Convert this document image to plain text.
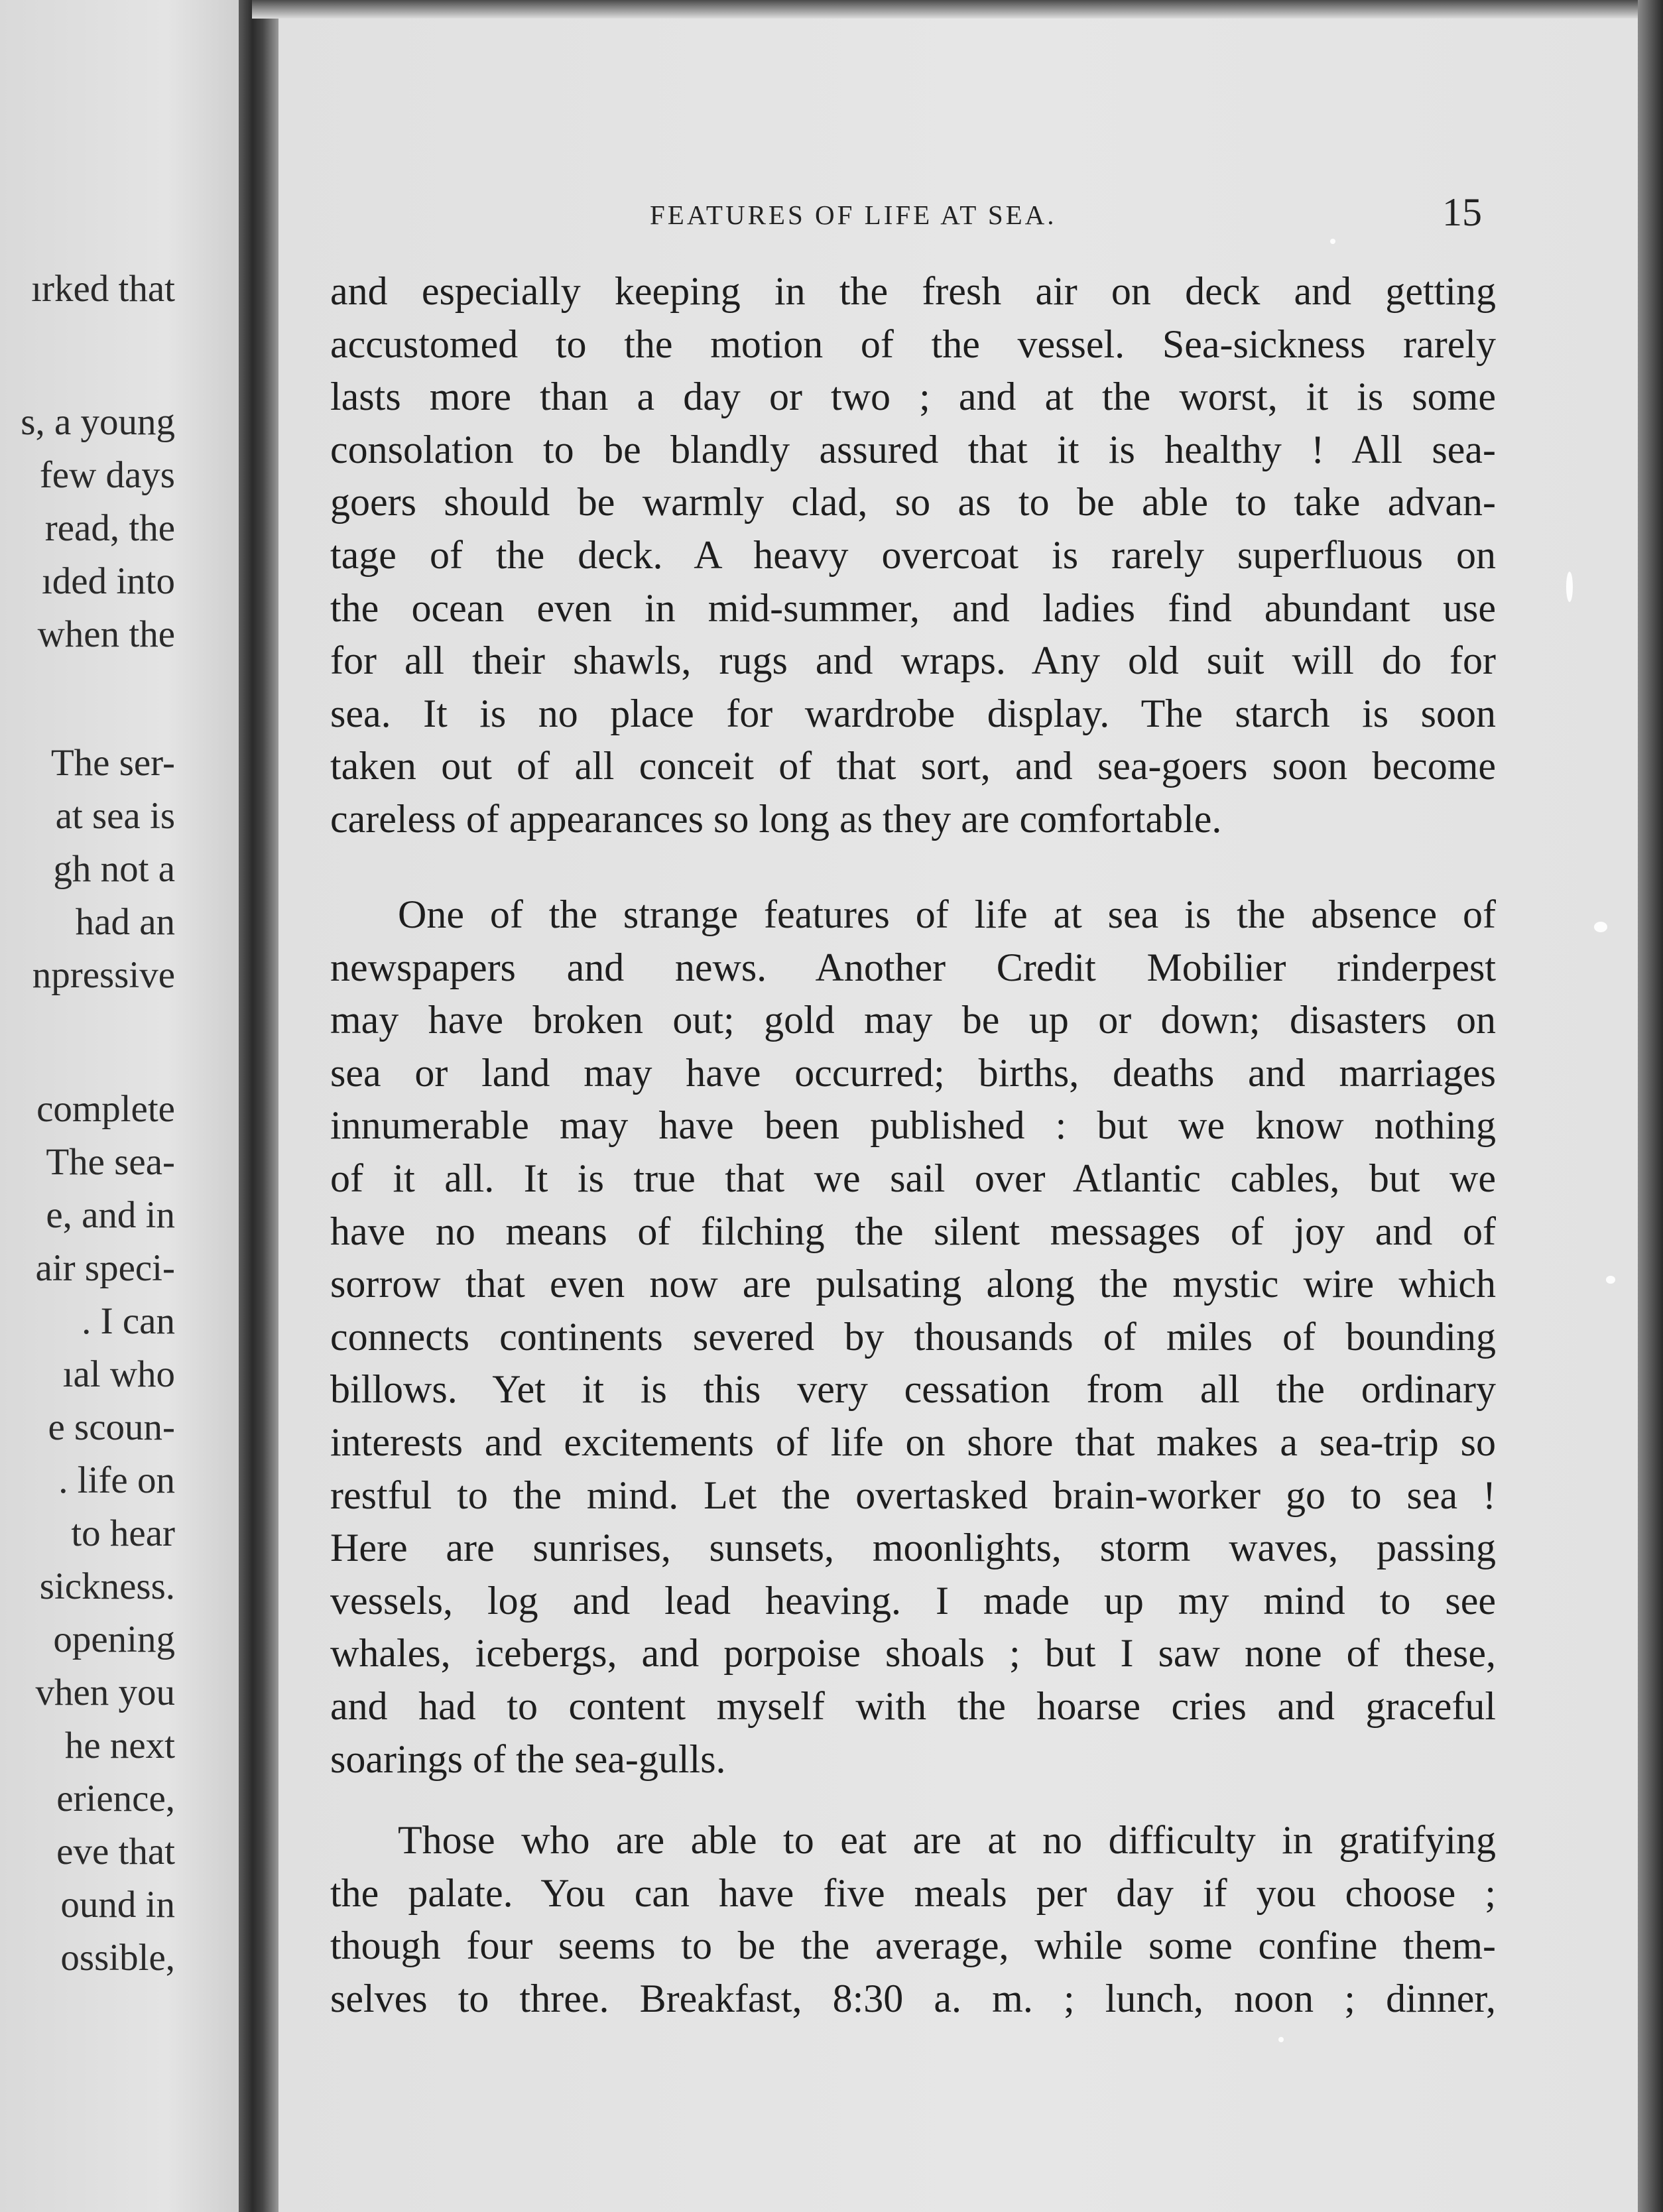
ırked that
s, a young
few days
read, the
ıded into
when the
The ser-
at sea is
gh not a
had an
npressive
complete
The sea-
e, and in
air speci-
. I can
ıal who
e scoun-
. life on
to hear
sickness.
opening
vhen you
he next
erience,
eve that
ound in
ossible,
FEATURES OF LIFE AT SEA.	15

and especially keeping in the fresh air on deck and getting
accustomed to the motion of the vessel. Sea-sickness rarely
lasts more than a day or two ; and at the worst, it is some
consolation to be blandly assured that it is healthy ! All sea-
goers should be warmly clad, so as to be able to take advan-
tage of the deck. A heavy overcoat is rarely superfluous on
the ocean even in mid-summer, and ladies find abundant use
for all their shawls, rugs and wraps. Any old suit will do for
sea. It is no place for wardrobe display. The starch is soon
taken out of all conceit of that sort, and sea-goers soon become
careless of appearances so long as they are comfortable.

One of the strange features of life at sea is the absence of
newspapers and news. Another Credit Mobilier rinderpest
may have broken out; gold may be up or down; disasters on
sea or land may have occurred; births, deaths and marriages
innumerable may have been published : but we know nothing
of it all. It is true that we sail over Atlantic cables, but we
have no means of filching the silent messages of joy and of
sorrow that even now are pulsating along the mystic wire which
connects continents severed by thousands of miles of bounding
billows. Yet it is this very cessation from all the ordinary
interests and excitements of life on shore that makes a sea-trip so
restful to the mind. Let the overtasked brain-worker go to sea !
Here are sunrises, sunsets, moonlights, storm waves, passing
vessels, log and lead heaving. I made up my mind to see
whales, icebergs, and porpoise shoals ; but I saw none of these,
and had to content myself with the hoarse cries and graceful
soarings of the sea-gulls.

Those who are able to eat are at no difficulty in gratifying
the palate. You can have five meals per day if you choose ;
though four seems to be the average, while some confine them-
selves to three. Breakfast, 8:30 a. m. ; lunch, noon ; dinner,
